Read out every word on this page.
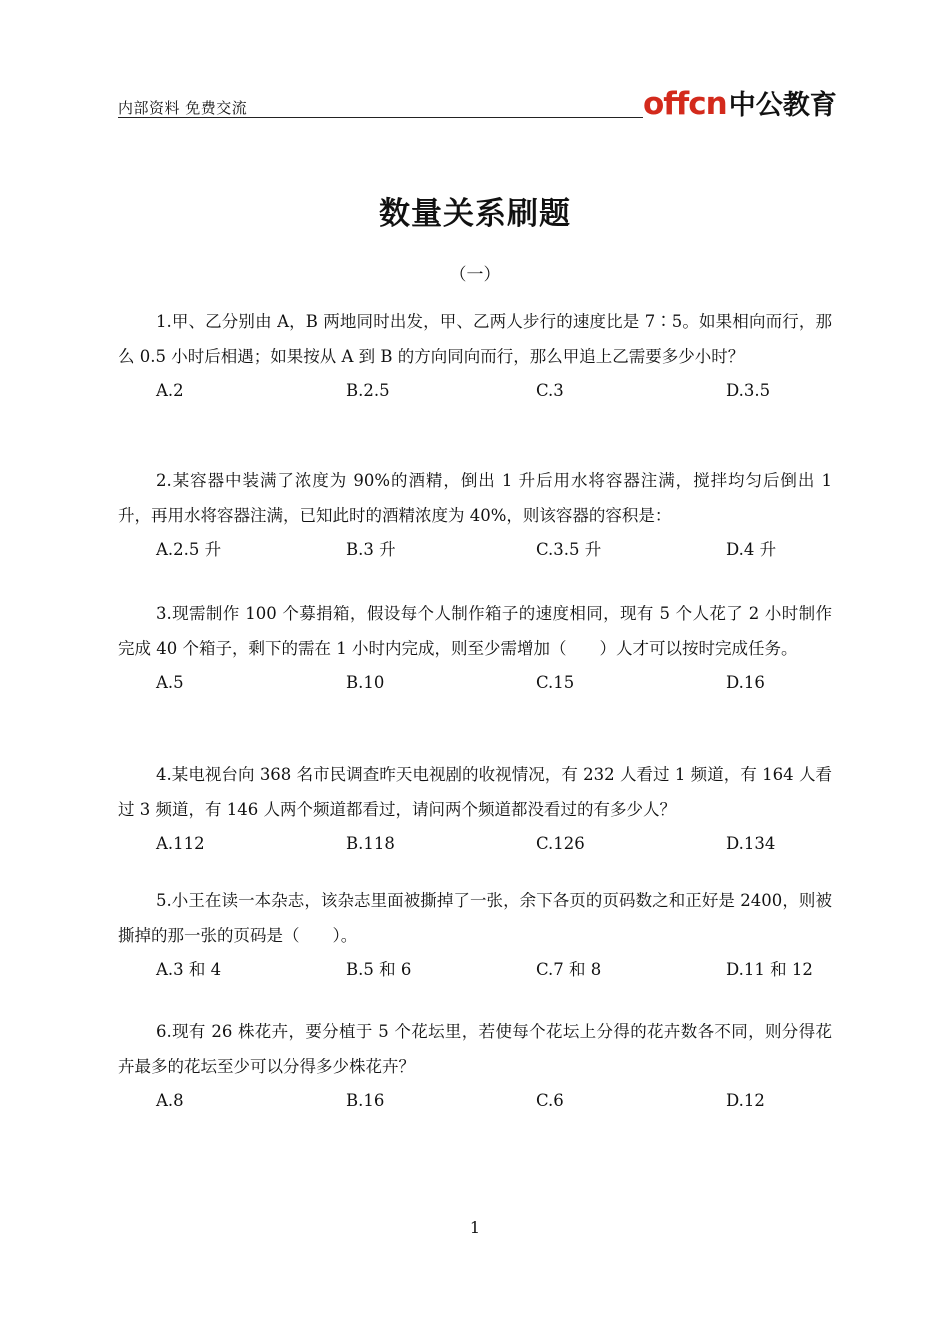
内部资料 免费交流	offcn 中公教育
数量关系刷题
（一）
1.甲、乙分别由 A，B 两地同时出发，甲、乙两人步行的速度比是 7∶5。如果相向而行，那么 0.5 小时后相遇；如果按从 A 到 B 的方向同向而行，那么甲追上乙需要多少小时？
A.2	B.2.5	C.3	D.3.5
2.某容器中装满了浓度为 90%的酒精，倒出 1 升后用水将容器注满，搅拌均匀后倒出 1 升，再用水将容器注满，已知此时的酒精浓度为 40%，则该容器的容积是：
A.2.5 升	B.3 升	C.3.5 升	D.4 升
3.现需制作 100 个募捐箱，假设每个人制作箱子的速度相同，现有 5 个人花了 2 小时制作完成 40 个箱子，剩下的需在 1 小时内完成，则至少需增加（　　）人才可以按时完成任务。
A.5	B.10	C.15	D.16
4.某电视台向 368 名市民调查昨天电视剧的收视情况，有 232 人看过 1 频道，有 164 人看过 3 频道，有 146 人两个频道都看过，请问两个频道都没看过的有多少人？
A.112	B.118	C.126	D.134
5.小王在读一本杂志，该杂志里面被撕掉了一张，余下各页的页码数之和正好是 2400，则被撕掉的那一张的页码是（　　）。
A.3 和 4	B.5 和 6	C.7 和 8	D.11 和 12
6.现有 26 株花卉，要分植于 5 个花坛里，若使每个花坛上分得的花卉数各不同，则分得花卉最多的花坛至少可以分得多少株花卉？
A.8	B.16	C.6	D.12
1
